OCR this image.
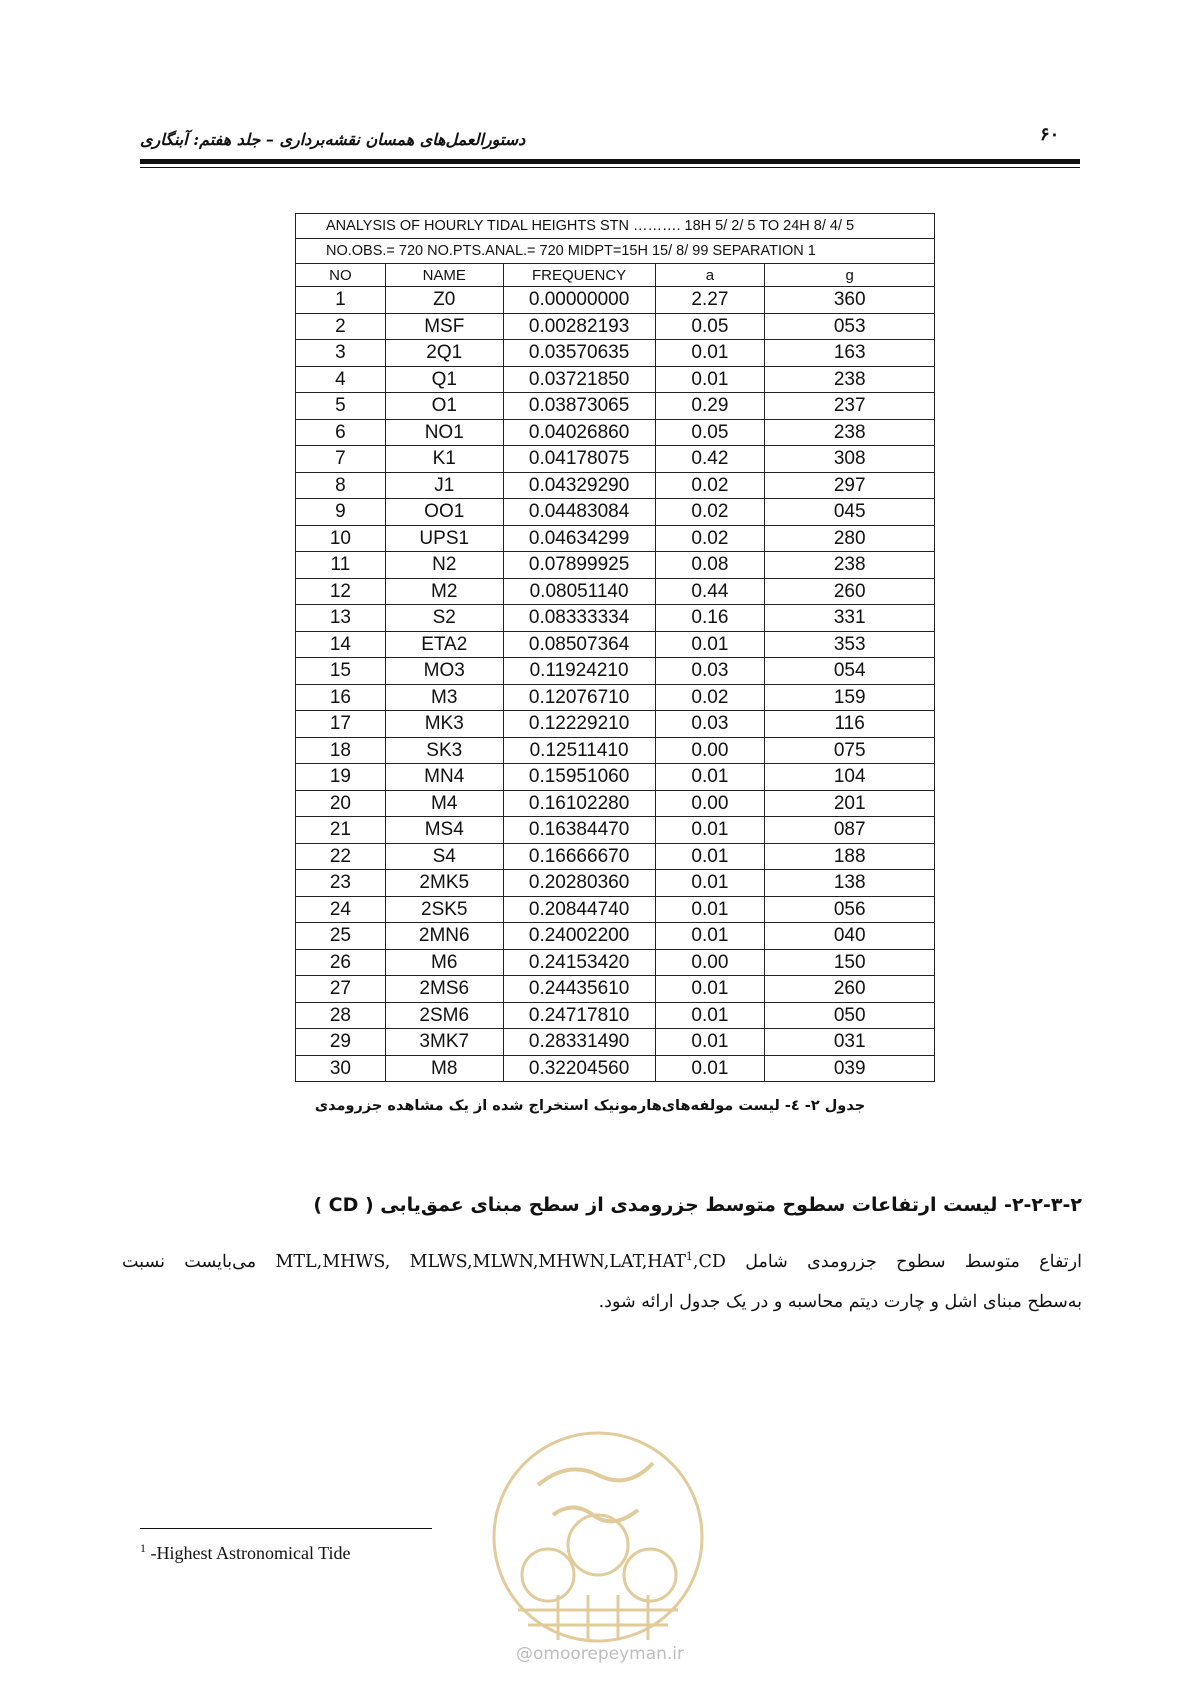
دستورالعمل‌های همسان نقشه‌برداری – جلد هفتم: آبنگاری	۶۰
ANALYSIS OF HOURLY TIDAL HEIGHTS STN ………. 18H 5/ 2/ 5 TO 24H 8/ 4/ 5				
NO.OBS.= 720 NO.PTS.ANAL.= 720 MIDPT=15H 15/ 8/ 99 SEPARATION 1				
NO	NAME	FREQUENCY	a	g
1	Z0	0.00000000	2.27	360
2	MSF	0.00282193	0.05	053
3	2Q1	0.03570635	0.01	163
4	Q1	0.03721850	0.01	238
5	O1	0.03873065	0.29	237
6	NO1	0.04026860	0.05	238
7	K1	0.04178075	0.42	308
8	J1	0.04329290	0.02	297
9	OO1	0.04483084	0.02	045
10	UPS1	0.04634299	0.02	280
11	N2	0.07899925	0.08	238
12	M2	0.08051140	0.44	260
13	S2	0.08333334	0.16	331
14	ETA2	0.08507364	0.01	353
15	MO3	0.11924210	0.03	054
16	M3	0.12076710	0.02	159
17	MK3	0.12229210	0.03	116
18	SK3	0.12511410	0.00	075
19	MN4	0.15951060	0.01	104
20	M4	0.16102280	0.00	201
21	MS4	0.16384470	0.01	087
22	S4	0.16666670	0.01	188
23	2MK5	0.20280360	0.01	138
24	2SK5	0.20844740	0.01	056
25	2MN6	0.24002200	0.01	040
26	M6	0.24153420	0.00	150
27	2MS6	0.24435610	0.01	260
28	2SM6	0.24717810	0.01	050
29	3MK7	0.28331490	0.01	031
30	M8	0.32204560	0.01	039
جدول ۲- ٤- لیست مولفه‌های‌هارمونیک استخراج شده از یک مشاهده جزرومدی
۲-۲-۳-۲- لیست ارتفاعات سطوح متوسط جزرومدی از سطح مبنای عمق‌یابی ( CD )
ارتفاع متوسط سطوح جزرومدی شامل MTL,MHWS, MLWS,MLWN,MHWN,LAT,HAT$^1$,CD می‌بایست نسبت
به‌سطح مبنای اشل و چارت دیتم محاسبه و در یک جدول ارائه شود.
@omoorepeyman.ir
$^1$ -Highest Astronomical Tide
